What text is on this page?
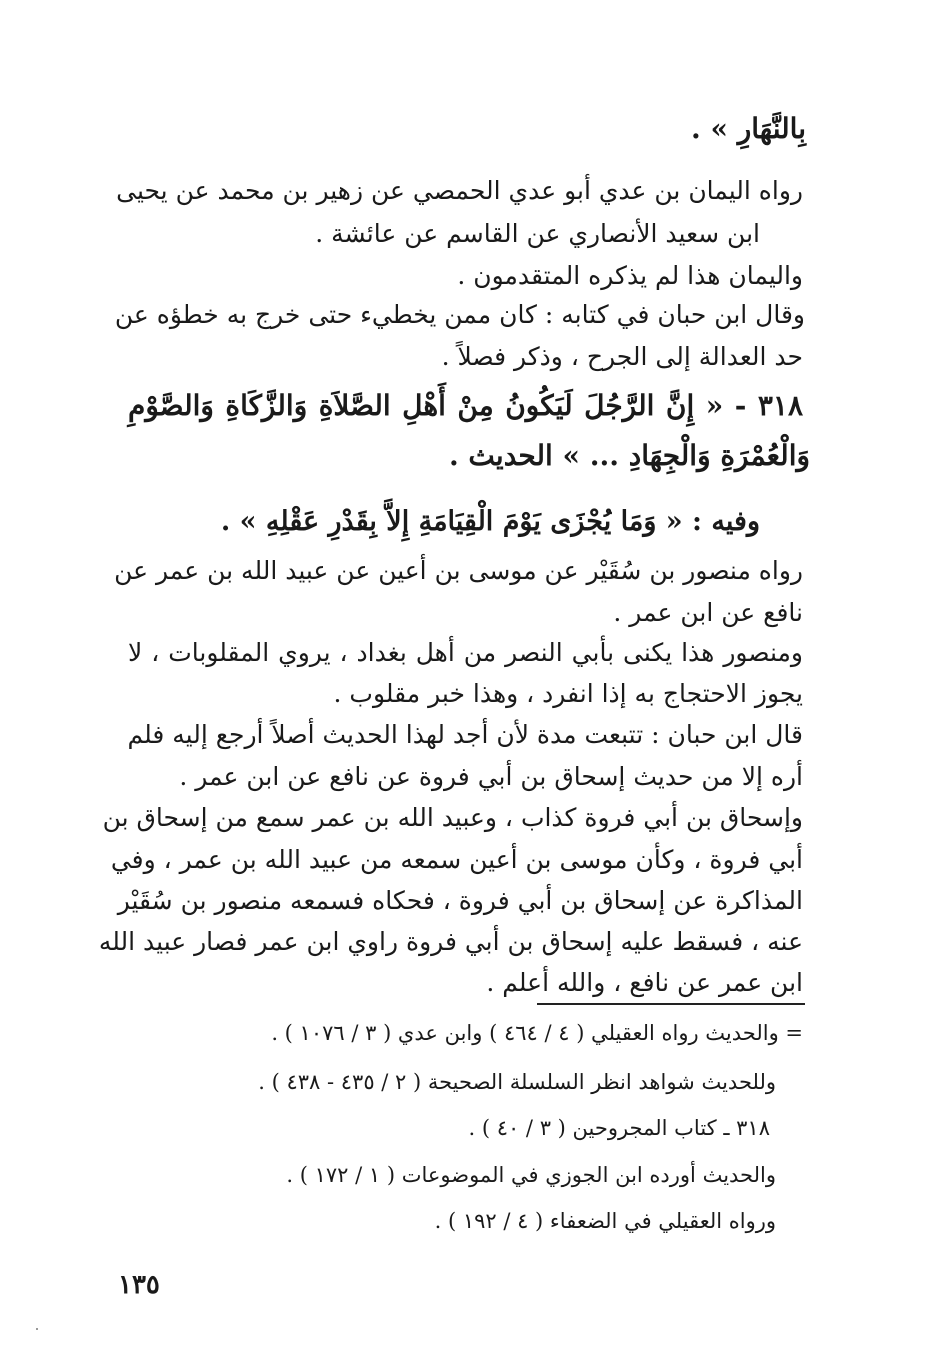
بِالنَّهَارِ » .
رواه اليمان بن عدي أبو عدي الحمصي عن زهير بن محمد عن يحيى
ابن سعيد الأنصاري عن القاسم عن عائشة .
واليمان هذا لم يذكره المتقدمون .
وقال ابن حبان في كتابه : كان ممن يخطيء حتى خرج به خطؤه عن
حد العدالة إلى الجرح ، وذكر فصلاً .
٣١٨ - « إِنَّ الرَّجُلَ لَيَكُونُ مِنْ أَهْلِ الصَّلاَةِ وَالزَّكَاةِ وَالصَّوْمِ
وَالْعُمْرَةِ وَالْجِهَادِ ... » الحديث .
وفيه : « وَمَا يُجْزَى يَوْمَ الْقِيَامَةِ إِلاَّ بِقَدْرِ عَقْلِهِ » .
رواه منصور بن سُقَيْر عن موسى بن أعين عن عبيد الله بن عمر عن
نافع عن ابن عمر .
ومنصور هذا يكنى بأبي النصر من أهل بغداد ، يروي المقلوبات ، لا
يجوز الاحتجاج به إذا انفرد ، وهذا خبر مقلوب .
قال ابن حبان : تتبعت مدة لأن أجد لهذا الحديث أصلاً أرجع إليه فلم
أره إلا من حديث إسحاق بن أبي فروة عن نافع عن ابن عمر .
وإسحاق بن أبي فروة كذاب ، وعبيد الله بن عمر سمع من إسحاق بن
أبي فروة ، وكأن موسى بن أعين سمعه من عبيد الله بن عمر ، وفي
المذاكرة عن إسحاق بن أبي فروة ، فحكاه فسمعه منصور بن سُقَيْر
عنه ، فسقط عليه إسحاق بن أبي فروة راوي ابن عمر فصار عبيد الله
ابن عمر عن نافع ، والله أعلم .
= والحديث رواه العقيلي ( ٤ / ٤٦٤ ) وابن عدي ( ٣ / ١٠٧٦ ) .
وللحديث شواهد انظر السلسلة الصحيحة ( ٢ / ٤٣٥ - ٤٣٨ ) .
٣١٨ ـ كتاب المجروحين ( ٣ / ٤٠ ) .
والحديث أورده ابن الجوزي في الموضوعات ( ١ / ١٧٢ ) .
ورواه العقيلي في الضعفاء ( ٤ / ١٩٢ ) .
١٣٥
